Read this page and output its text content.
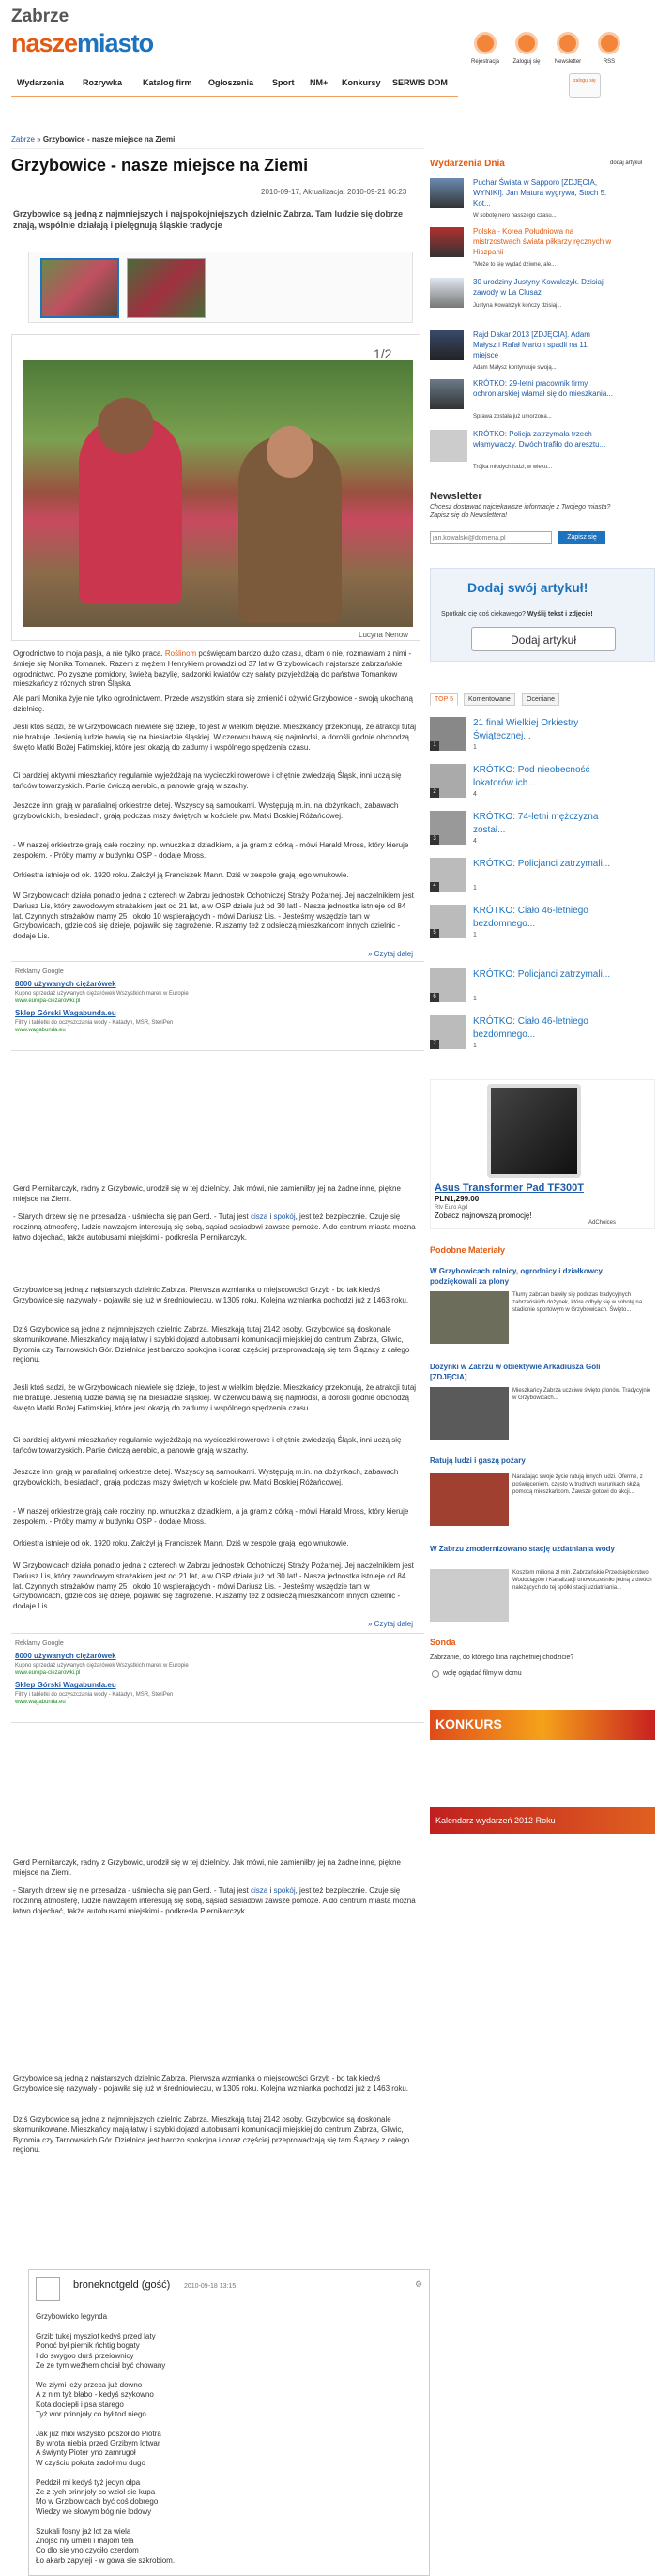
Zabrze
naszemiasto
Rejestracja	Zaloguj się	Newsletter	RSS
Wydarzenia Rozrywka Katalog firm Ogłoszenia Sport NM+ Konkursy SERWIS DOM	zaloguj się
Zabrze » Grzybowice - nasze miejsce na Ziemi
Grzybowice - nasze miejsce na Ziemi
2010-09-17, Aktualizacja: 2010-09-21 06:23
Grzybowice są jedną z najmniejszych i najspokojniejszych dzielnic Zabrza. Tam ludzie się dobrze znają, wspólnie działają i pielęgnują śląskie tradycje
1/2
Lucyna Nenow
Ogrodnictwo to moja pasja, a nie tylko praca. Roślinom poświęcam bardzo dużo czasu, dbam o nie, rozmawiam z nimi - śmieje się Monika Tomanek. Razem z mężem Henrykiem prowadzi od 37 lat w Grzybowicach najstarsze zabrzańskie ogrodnictwo. Po zyszne pomidory, świeżą bazylię, sadzonki kwiatów czy sałaty przyjeżdżają do państwa Tomanków mieszkańcy z różnych stron Śląska.
Ale pani Monika żyje nie tylko ogrodnictwem. Przede wszystkim stara się zmienić i ożywić Grzybowice - swoją ukochaną dzielnicę.
Jeśli ktoś sądzi, że w Grzybowicach niewiele się dzieje, to jest w wielkim błędzie. Mieszkańcy przekonują, że atrakcji tutaj nie brakuje. Jesienią ludzie bawią się na biesiadzie śląskiej. W czerwcu bawią się najmłodsi, a dorośli godnie obchodzą święto Matki Bożej Fatimskiej, które jest okazją do zadumy i wspólnego spędzenia czasu.
Ci bardziej aktywni mieszkańcy regularnie wyjeżdżają na wycieczki rowerowe i chętnie zwiedzają Śląsk, inni uczą się tańców towarzyskich. Panie ćwiczą aerobic, a panowie grają w szachy.
Jeszcze inni grają w parafialnej orkiestrze dętej. Wszyscy są samoukami. Występują m.in. na dożynkach, zabawach grzybowickich, biesiadach, grają podczas mszy świętych w kościele pw. Matki Boskiej Różańcowej.
- W naszej orkiestrze grają całe rodziny, np. wnuczka z dziadkiem, a ja gram z córką - mówi Harald Mross, który kieruje zespołem. - Próby mamy w budynku OSP - dodaje Mross.
Orkiestra istnieje od ok. 1920 roku. Założył ją Franciszek Mann. Dziś w zespole grają jego wnukowie.
W Grzybowicach działa ponadto jedna z czterech w Zabrzu jednostek Ochotniczej Straży Pożarnej. Jej naczelnikiem jest Dariusz Lis, który zawodowym strażakiem jest od 21 lat, a w OSP działa już od 30 lat! - Nasza jednostka istnieje od 84 lat. Czynnych strażaków mamy 25 i około 10 wspierających - mówi Dariusz Lis. - Jesteśmy wszędzie tam w Grzybowicach, gdzie coś się dzieje, pojawiło się zagrożenie. Ruszamy też z odsieczą mieszkańcom innych dzielnic - dodaje Lis.
» Czytaj dalej
Reklamy Google
8000 używanych ciężarówek
Kupno sprzedaż używanych ciężarówek Wszystkich marek w Europie
www.europa-ciezarowki.pl
Sklep Górski Wagabunda.eu
Filtry i tabletki do oczyszczania wody - Katadyn, MSR, SteriPen
www.wagabunda.eu
Gerd Piernikarczyk, radny z Grzybowic, urodził się w tej dzielnicy. Jak mówi, nie zamieniłby jej na żadne inne, piękne miejsce na Ziemi.
- Starych drzew się nie przesadza - uśmiecha się pan Gerd. - Tutaj jest cisza i spokój, jest też bezpiecznie. Czuje się rodzinną atmosferę, ludzie nawzajem interesują się sobą, sąsiad sąsiadowi zawsze pomoże. A do centrum miasta można łatwo dojechać, także autobusami miejskimi - podkreśla Piernikarczyk.
Grzybowice są jedną z najstarszych dzielnic Zabrza. Pierwsza wzmianka o miejscowości Grzyb - bo tak kiedyś Grzybowice się nazywały - pojawiła się już w średniowieczu, w 1305 roku. Kolejna wzmianka pochodzi już z 1463 roku.
Dziś Grzybowice są jedną z najmniejszych dzielnic Zabrza. Mieszkają tutaj 2142 osoby. Grzybowice są doskonale skomunikowane. Mieszkańcy mają łatwy i szybki dojazd autobusami komunikacji miejskiej do centrum Zabrza, Gliwic, Bytomia czy Tarnowskich Gór. Dzielnica jest bardzo spokojna i coraz częściej przeprowadzają się tam Ślązacy z całego regionu.
Jeśli ktoś sądzi, że w Grzybowicach niewiele się dzieje, to jest w wielkim błędzie. Mieszkańcy przekonują, że atrakcji tutaj nie brakuje. Jesienią ludzie bawią się na biesiadzie śląskiej. W czerwcu bawią się najmłodsi, a dorośli godnie obchodzą święto Matki Bożej Fatimskiej, które jest okazją do zadumy i wspólnego spędzenia czasu.
Ci bardziej aktywni mieszkańcy regularnie wyjeżdżają na wycieczki rowerowe i chętnie zwiedzają Śląsk, inni uczą się tańców towarzyskich. Panie ćwiczą aerobic, a panowie grają w szachy.
Jeszcze inni grają w parafialnej orkiestrze dętej. Wszyscy są samoukami. Występują m.in. na dożynkach, zabawach grzybowickich, biesiadach, grają podczas mszy świętych w kościele pw. Matki Boskiej Różańcowej.
- W naszej orkiestrze grają całe rodziny, np. wnuczka z dziadkiem, a ja gram z córką - mówi Harald Mross, który kieruje zespołem. - Próby mamy w budynku OSP - dodaje Mross.
Orkiestra istnieje od ok. 1920 roku. Założył ją Franciszek Mann. Dziś w zespole grają jego wnukowie.
W Grzybowicach działa ponadto jedna z czterech w Zabrzu jednostek Ochotniczej Straży Pożarnej. Jej naczelnikiem jest Dariusz Lis, który zawodowym strażakiem jest od 21 lat, a w OSP działa już od 30 lat! - Nasza jednostka istnieje od 84 lat. Czynnych strażaków mamy 25 i około 10 wspierających - mówi Dariusz Lis. - Jesteśmy wszędzie tam w Grzybowicach, gdzie coś się dzieje, pojawiło się zagrożenie. Ruszamy też z odsieczą mieszkańcom innych dzielnic - dodaje Lis.
» Czytaj dalej
Reklamy Google
8000 używanych ciężarówek
Kupno sprzedaż używanych ciężarówek Wszystkich marek w Europie
www.europa-ciezarowki.pl
Sklep Górski Wagabunda.eu
Filtry i tabletki do oczyszczania wody - Katadyn, MSR, SteriPen
www.wagabunda.eu
Gerd Piernikarczyk, radny z Grzybowic, urodził się w tej dzielnicy. Jak mówi, nie zamieniłby jej na żadne inne, piękne miejsce na Ziemi.
- Starych drzew się nie przesadza - uśmiecha się pan Gerd. - Tutaj jest cisza i spokój, jest też bezpiecznie. Czuje się rodzinną atmosferę, ludzie nawzajem interesują się sobą, sąsiad sąsiadowi zawsze pomoże. A do centrum miasta można łatwo dojechać, także autobusami miejskimi - podkreśla Piernikarczyk.
Grzybowice są jedną z najstarszych dzielnic Zabrza. Pierwsza wzmianka o miejscowości Grzyb - bo tak kiedyś Grzybowice się nazywały - pojawiła się już w średniowieczu, w 1305 roku. Kolejna wzmianka pochodzi już z 1463 roku.
Dziś Grzybowice są jedną z najmniejszych dzielnic Zabrza. Mieszkają tutaj 2142 osoby. Grzybowice są doskonale skomunikowane. Mieszkańcy mają łatwy i szybki dojazd autobusami komunikacji miejskiej do centrum Zabrza, Gliwic, Bytomia czy Tarnowskich Gór. Dzielnica jest bardzo spokojna i coraz częściej przeprowadzają się tam Ślązacy z całego regionu.
broneknotgeld (gość) 2010-09-18 13:15	⚙
Grzybowicko legynda

Grzib tukej mysziot kedyś przed laty
Ponoć był piernik ńchtig bogaty
I do swygoo durś przeiownicy
Ze ze tym weźhem chciał być chowany

We ziymi leży przeca już downo
A z nim tyż błabo - kedyś szykowno
Kota dociepłi i psa starego
Tyż wor prinnjoły co był tod niego

Jak już mioi wszysko poszoł do Piotra
By wrota niebia przed Grzibym lotwar
A świynty Pioter yno zamrugoł
W czyściu pokuta zadoł mu dugo

Peddził mi kedyś tyż jedyn ołpa
Ze z tych prinnjoły co wzioł sie kupa
Mo w Grzibowicach być coś dobrego
Wiedzy we słowym bóg nie lodowy

Szukali fosny jaż lot za wiela
Znojść niy umieli i majom tela
Co dlo sie yno czyciło czerdom
Ło akarb zapyteji - w gowa sie szkrobiom.
Wydarzenia Dnia	dodaj artykuł
Puchar Świata w Sapporo [ZDJĘCIA, WYNIKI]. Jan Matura wygrywa, Stoch 5. Kot...
W sobotę nero nasszego czasu...
Polska - Korea Południowa na mistrzostwach świata piłkarzy ręcznych w Hiszpanii
"Może to się wydać dziwne, ale...
30 urodziny Justyny Kowalczyk. Dzisiaj zawody w La Clusaz
Justyna Kowalczyk kończy dzisiaj...
Rajd Dakar 2013 [ZDJĘCIA]. Adam Małysz i Rafał Marton spadli na 11 miejsce
Adam Małysz kontynuuje swoją...
KRÓTKO: 29-letni pracownik firmy ochroniarskiej włamał się do mieszkania...
Sprawa została już umorzona...
KRÓTKO: Policja zatrzymała trzech włamywaczy. Dwóch trafiło do aresztu...
Trójka młodych ludzi, w wieku...
Newsletter
Chcesz dostawać najciekawsze informacje z Twojego miasta? Zapisz się do Newslettera!
jan.kowalski@domena.pl
Zapisz się
Dodaj swój artykuł!
Spotkało cię coś ciekawego? Wyślij tekst i zdjęcie!
Dodaj artykuł
TOP 5	Komentowane	Oceniane
1
21 finał Wielkiej Orkiestry Świątecznej...
1
2
KRÓTKO: Pod nieobecność lokatorów ich...
4
3
KRÓTKO: 74-letni mężczyzna został...
4
4
KRÓTKO: Policjanci zatrzymali...
1
5
KRÓTKO: Ciało 46-letniego bezdomnego...
1
6
KRÓTKO: Policjanci zatrzymali...
1
7
KRÓTKO: Ciało 46-letniego bezdomnego...
1
Asus Transformer Pad TF300T
PLN1,299.00
Rtv Euro Agd
Zobacz najnowszą promocję!
AdChoices
Podobne Materiały
W Grzybowicach rolnicy, ogrodnicy i działkowcy podziękowali za plony
Tłumy zabrzan bawiły się podczas tradycyjnych zabrzańskich dożynek, które odbyły się w sobotę na stadionie sportowym w Grzybowicach. Święto...
Dożynki w Zabrzu w obiektywie Arkadiusza Goli [ZDJĘCIA]
Mieszkańcy Zabrza uczciwe święto plonów. Tradycyjnie w Grzybowicach...
Ratują ludzi i gaszą pożary
Narażając swoje życie ratują innych ludzi. Oferme, z poświęceniem, często w trudnych warunkach służą pomocą mieszkańcom. Zawsze gotowi do akcji...
W Zabrzu zmodernizowano stację uzdatniania wody
Kosztem miliona zł mln. Zabrzańskie Przedsiębiorstwo Wodociągów i Kanalizacji unowocześniło jedną z dwóch należących do tej spółki stacji uzdatniania...
Sonda
Zabrzanie, do którego kina najchętniej chodzicie?
wolę oglądać filmy w domu
KONKURS
Kalendarz wydarzeń 2012 Roku
